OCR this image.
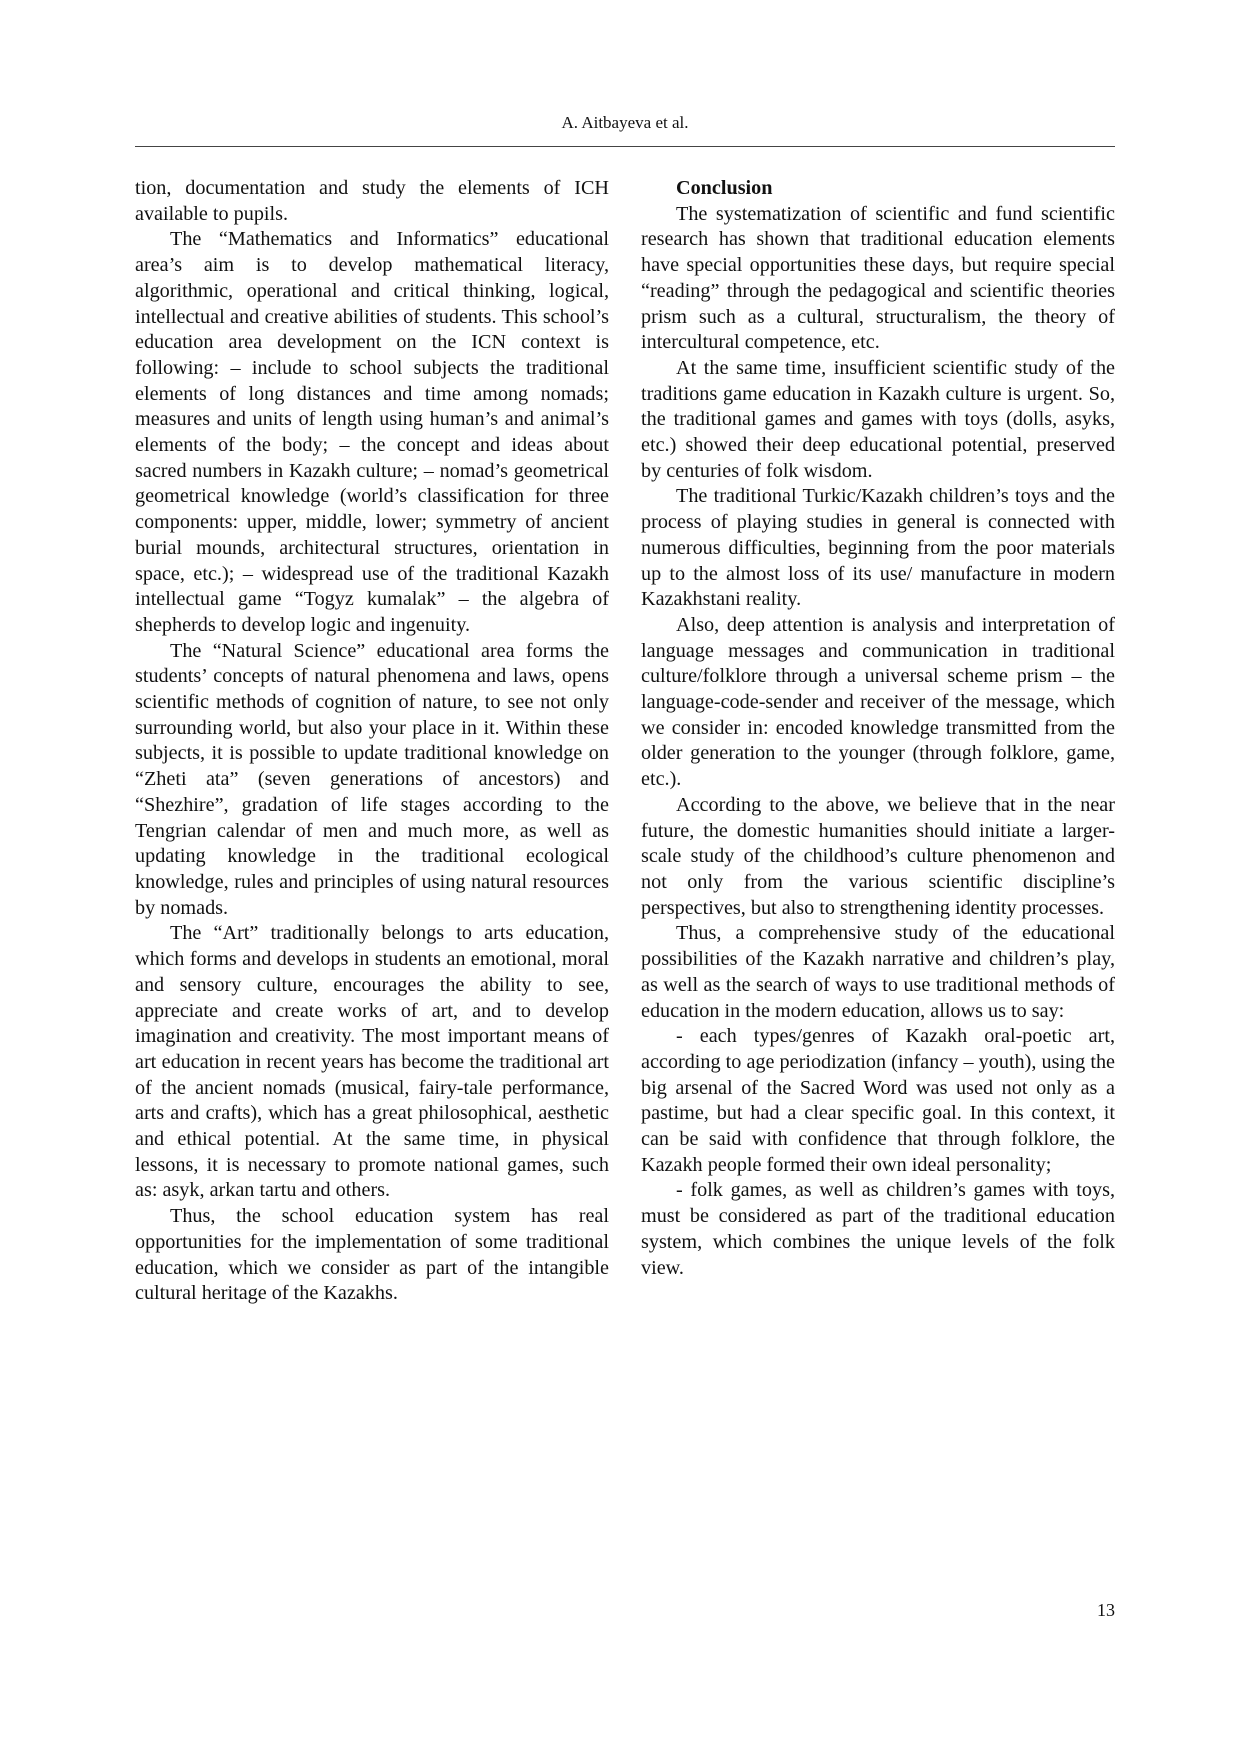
A. Aitbayeva et al.

tion, documentation and study the elements of ICH available to pupils.

The “Mathematics and Informatics” educational area’s aim is to develop mathematical literacy, algorithmic, operational and critical thinking, logical, intellectual and creative abilities of students. This school’s education area development on the ICN context is following: – include to school subjects the traditional elements of long distances and time among nomads; measures and units of length using human’s and animal’s elements of the body; – the concept and ideas about sacred numbers in Kazakh culture; – nomad’s geometrical geometrical knowledge (world’s classification for three components: upper, middle, lower; symmetry of ancient burial mounds, architectural structures, orientation in space, etc.); – widespread use of the traditional Kazakh intellectual game “Togyz kumalak” – the algebra of shepherds to develop logic and ingenuity.

The “Natural Science” educational area forms the students’ concepts of natural phenomena and laws, opens scientific methods of cognition of nature, to see not only surrounding world, but also your place in it. Within these subjects, it is possible to update traditional knowledge on “Zheti ata” (seven generations of ancestors) and “Shezhire”, gradation of life stages according to the Tengrian calendar of men and much more, as well as updating knowledge in the traditional ecological knowledge, rules and principles of using natural resources by nomads.

The “Art” traditionally belongs to arts education, which forms and develops in students an emotional, moral and sensory culture, encourages the ability to see, appreciate and create works of art, and to develop imagination and creativity. The most important means of art education in recent years has become the traditional art of the ancient nomads (musical, fairy-tale performance, arts and crafts), which has a great philosophical, aesthetic and ethical potential. At the same time, in physical lessons, it is necessary to promote national games, such as: asyk, arkan tartu and others.

Thus, the school education system has real opportunities for the implementation of some traditional education, which we consider as part of the intangible cultural heritage of the Kazakhs.

Conclusion

The systematization of scientific and fund scientific research has shown that traditional education elements have special opportunities these days, but require special “reading” through the pedagogical and scientific theories prism such as a cultural, structuralism, the theory of intercultural competence, etc.

At the same time, insufficient scientific study of the traditions game education in Kazakh culture is urgent. So, the traditional games and games with toys (dolls, asyks, etc.) showed their deep educational potential, preserved by centuries of folk wisdom.

The traditional Turkic/Kazakh children’s toys and the process of playing studies in general is connected with numerous difficulties, beginning from the poor materials up to the almost loss of its use/ manufacture in modern Kazakhstani reality.

Also, deep attention is analysis and interpretation of language messages and communication in traditional culture/folklore through a universal scheme prism – the language-code-sender and receiver of the message, which we consider in: encoded knowledge transmitted from the older generation to the younger (through folklore, game, etc.).

According to the above, we believe that in the near future, the domestic humanities should initiate a larger-scale study of the childhood’s culture phenomenon and not only from the various scientific discipline’s perspectives, but also to strengthening identity processes.

Thus, a comprehensive study of the educational possibilities of the Kazakh narrative and children’s play, as well as the search of ways to use traditional methods of education in the modern education, allows us to say:

- each types/genres of Kazakh oral-poetic art, according to age periodization (infancy – youth), using the big arsenal of the Sacred Word was used not only as a pastime, but had a clear specific goal. In this context, it can be said with confidence that through folklore, the Kazakh people formed their own ideal personality;

- folk games, as well as children’s games with toys, must be considered as part of the traditional education system, which combines the unique levels of the folk view.

13
